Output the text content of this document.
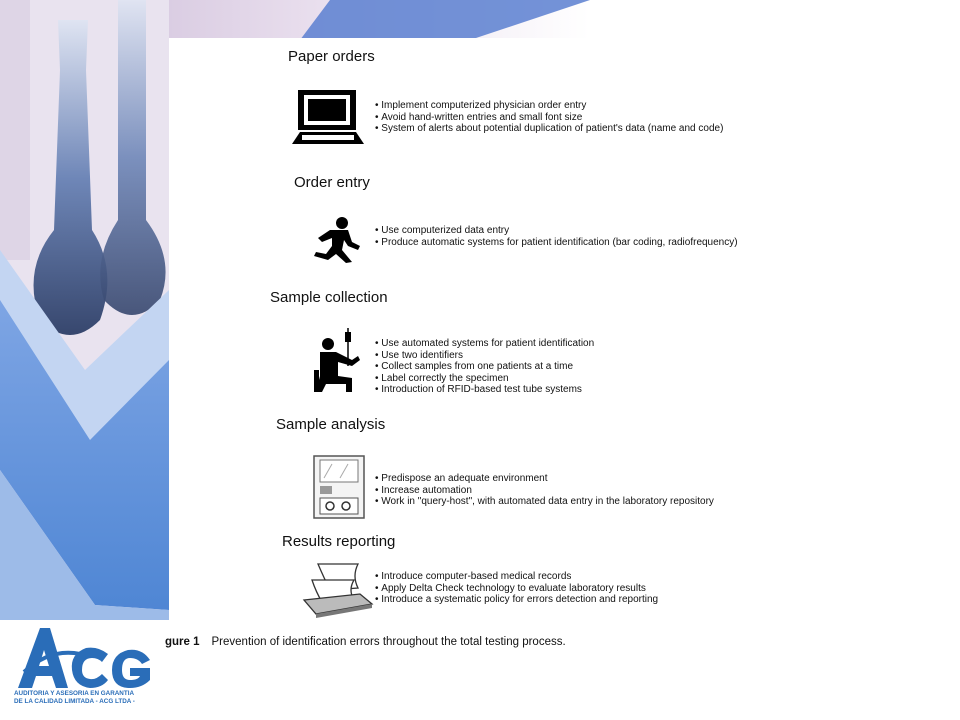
Paper orders
• Implement computerized physician order entry
• Avoid hand-written entries and small font size
• System of alerts about potential duplication of patient's data (name and code)
Order entry
• Use computerized data entry
• Produce automatic systems for patient identification (bar coding, radiofrequency)
Sample collection
• Use automated systems for patient identification
• Use two identifiers
• Collect samples from one patients at a time
• Label correctly the specimen
• Introduction of RFID-based test tube systems
Sample analysis
• Predispose an adequate environment
• Increase automation
• Work in "query-host", with automated data entry in the laboratory repository
Results reporting
• Introduce computer-based medical records
• Apply Delta Check technology to evaluate laboratory results
• Introduce a systematic policy for errors detection and reporting
gure 1 Prevention of identification errors throughout the total testing process.
AUDITORIA Y ASESORIA EN GARANTIA
DE LA CALIDAD LIMITADA - ACG LTDA -
